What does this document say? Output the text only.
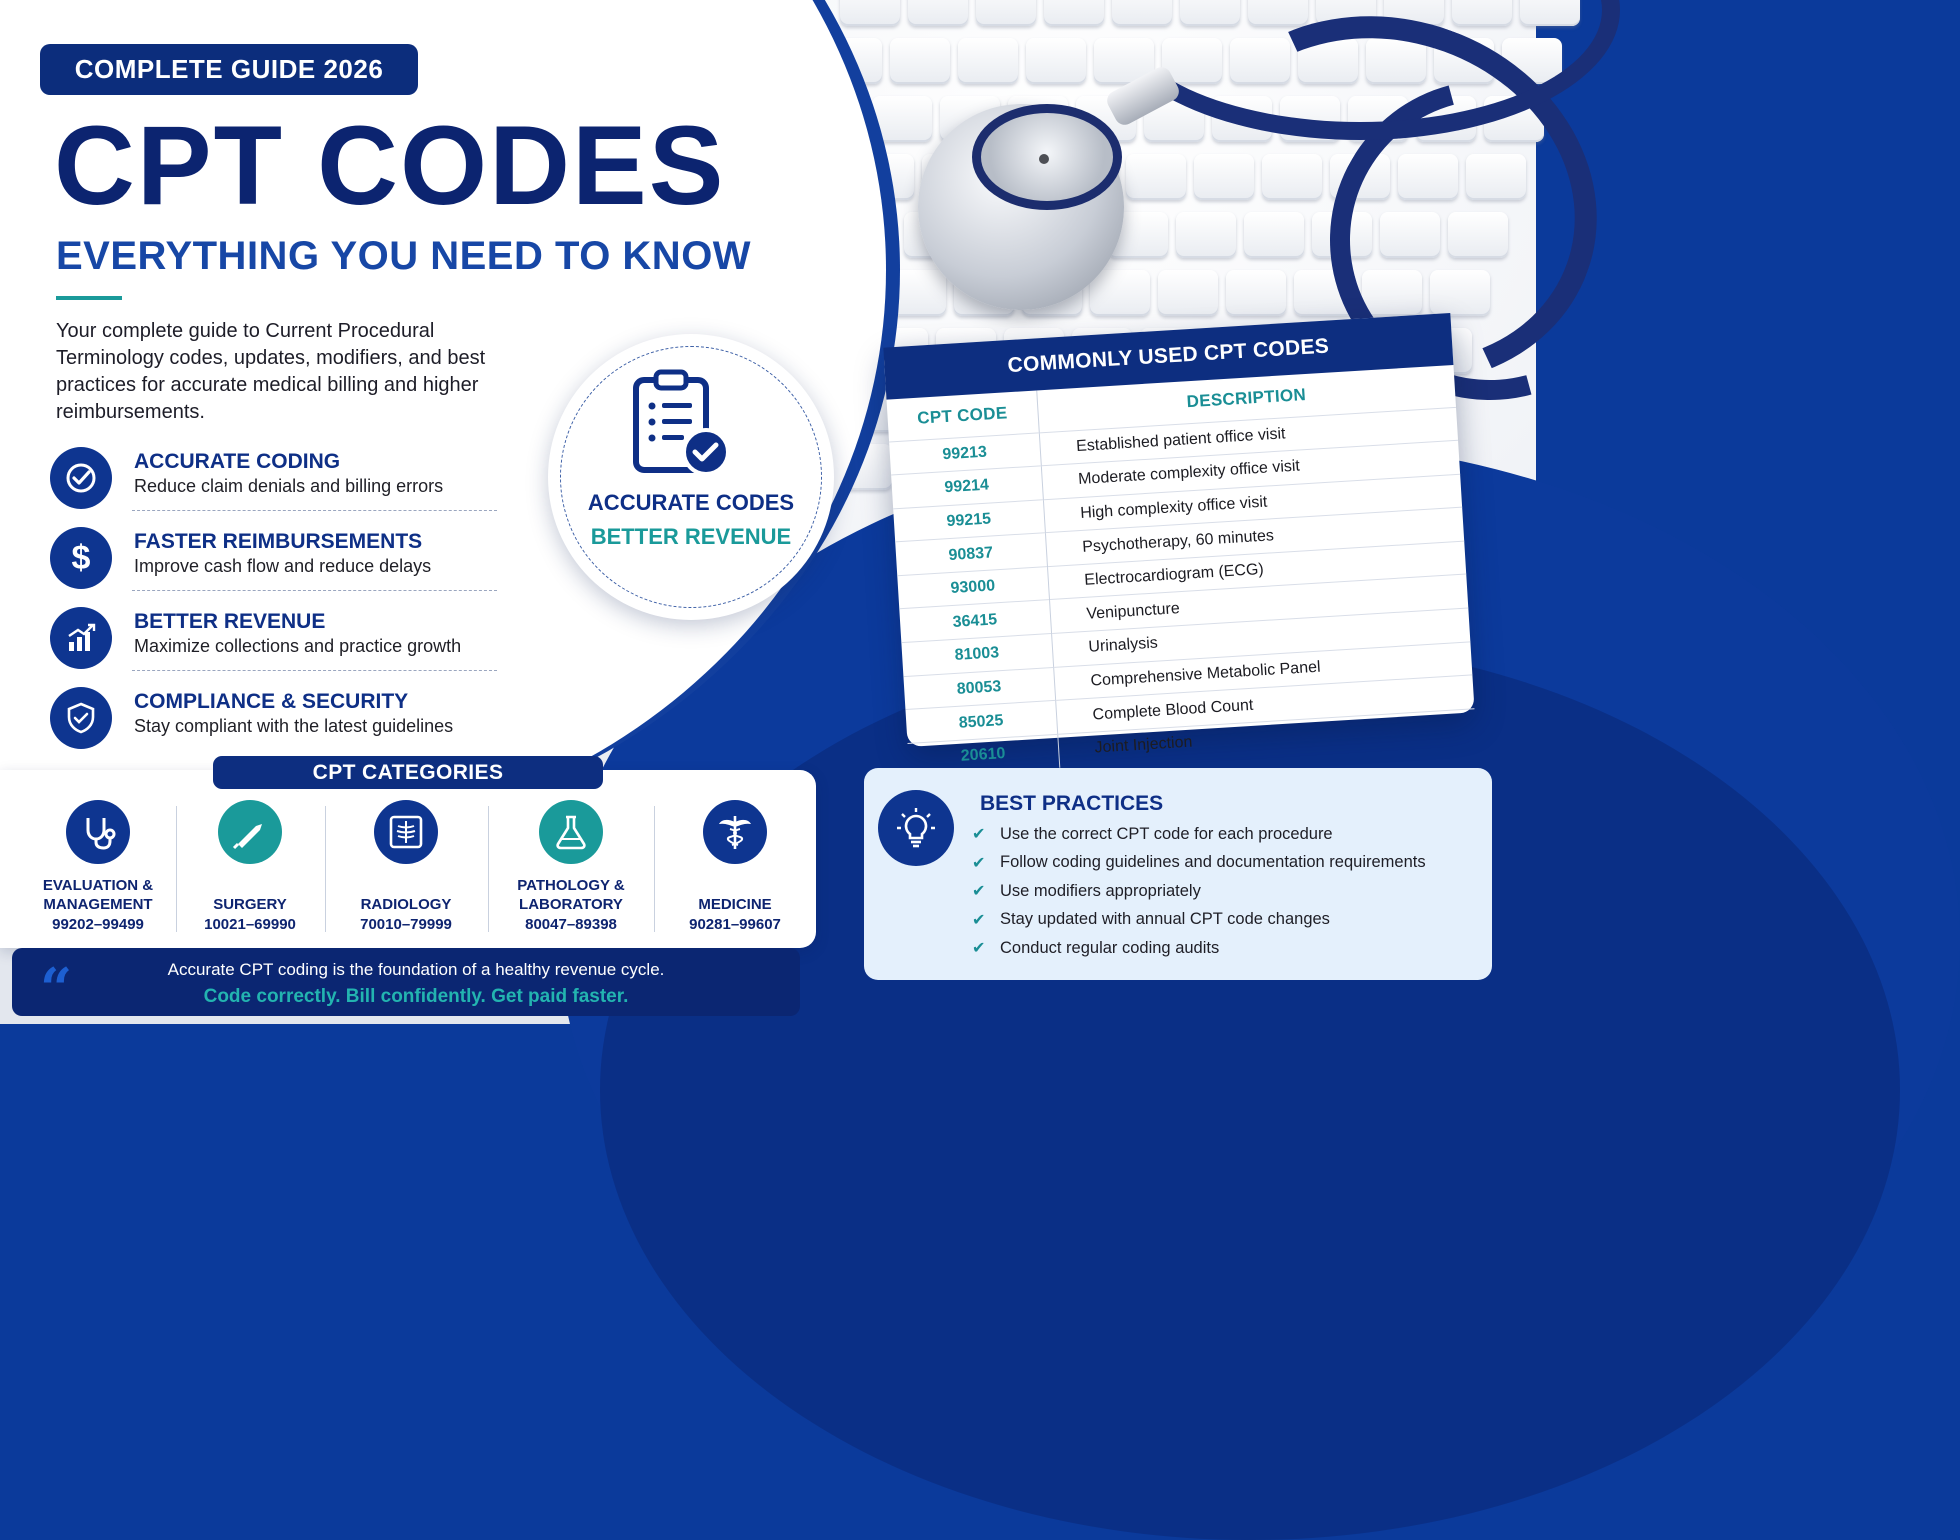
COMPLETE GUIDE 2026
CPT CODES
EVERYTHING YOU NEED TO KNOW

Your complete guide to Current Procedural Terminology codes, updates, modifiers, and best practices for accurate medical billing and higher reimbursements.

ACCURATE CODING
Reduce claim denials and billing errors
$ FASTER REIMBURSEMENTS
Improve cash flow and reduce delays
BETTER REVENUE
Maximize collections and practice growth
COMPLIANCE & SECURITY
Stay compliant with the latest guidelines
ACCURATE CODES
BETTER REVENUE
COMMONLY USED CPT CODES
CPT CODE	DESCRIPTION
99213	Established patient office visit
99214	Moderate complexity office visit
99215	High complexity office visit
90837	Psychotherapy, 60 minutes
93000	Electrocardiogram (ECG)
36415	Venipuncture
81003	Urinalysis
80053	Comprehensive Metabolic Panel
85025	Complete Blood Count
20610	Joint Injection
CPT CATEGORIES
EVALUATION & MANAGEMENT
99202–99499
SURGERY
10021–69990
RADIOLOGY
70010–79999
PATHOLOGY & LABORATORY
80047–89398
MEDICINE
90281–99607
“	Accurate CPT coding is the foundation of a healthy revenue cycle.
Code correctly. Bill confidently. Get paid faster.
BEST PRACTICES
✔ Use the correct CPT code for each procedure
✔ Follow coding guidelines and documentation requirements
✔ Use modifiers appropriately
✔ Stay updated with annual CPT code changes
✔ Conduct regular coding audits
